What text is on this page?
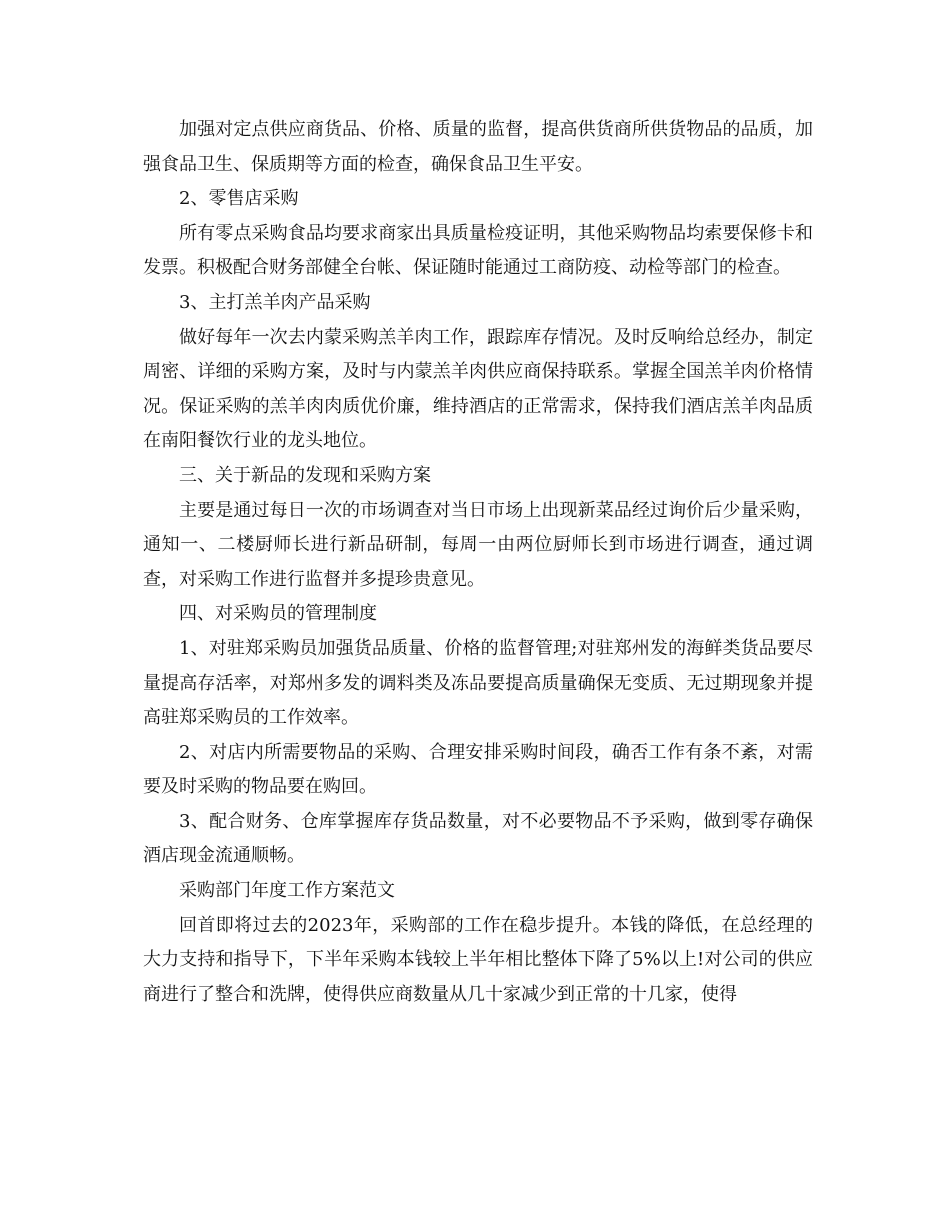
加强对定点供应商货品、价格、质量的监督，提高供货商所供货物品的品质，加强食品卫生、保质期等方面的检查，确保食品卫生平安。

2、零售店采购

所有零点采购食品均要求商家出具质量检疫证明，其他采购物品均索要保修卡和发票。积极配合财务部健全台帐、保证随时能通过工商防疫、动检等部门的检查。

3、主打羔羊肉产品采购

做好每年一次去内蒙采购羔羊肉工作，跟踪库存情况。及时反响给总经办，制定周密、详细的采购方案，及时与内蒙羔羊肉供应商保持联系。掌握全国羔羊肉价格情况。保证采购的羔羊肉肉质优价廉，维持酒店的正常需求，保持我们酒店羔羊肉品质在南阳餐饮行业的龙头地位。

三、关于新品的发现和采购方案

主要是通过每日一次的市场调查对当日市场上出现新菜品经过询价后少量采购，通知一、二楼厨师长进行新品研制，每周一由两位厨师长到市场进行调查，通过调查，对采购工作进行监督并多提珍贵意见。

四、对采购员的管理制度

1、对驻郑采购员加强货品质量、价格的监督管理;对驻郑州发的海鲜类货品要尽量提高存活率，对郑州多发的调料类及冻品要提高质量确保无变质、无过期现象并提高驻郑采购员的工作效率。

2、对店内所需要物品的采购、合理安排采购时间段，确否工作有条不紊，对需要及时采购的物品要在购回。

3、配合财务、仓库掌握库存货品数量，对不必要物品不予采购，做到零存确保酒店现金流通顺畅。

采购部门年度工作方案范文

回首即将过去的2023年，采购部的工作在稳步提升。本钱的降低，在总经理的大力支持和指导下，下半年采购本钱较上半年相比整体下降了5%以上!对公司的供应商进行了整合和洗牌，使得供应商数量从几十家减少到正常的十几家，使得
